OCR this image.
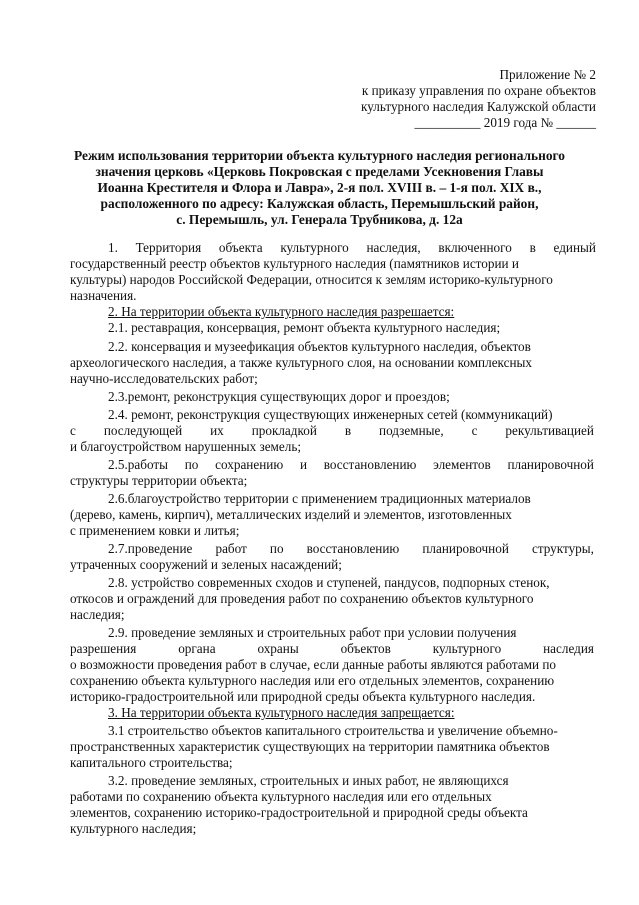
Приложение № 2
к приказу управления по охране объектов
культурного наследия Калужской области
__________ 2019 года № ______
Режим использования территории объекта культурного наследия регионального
значения церковь «Церковь Покровская с пределами Усекновения Главы
Иоанна Крестителя и Флора и Лавра», 2-я пол. XVIII в. – 1-я пол. XIX в.,
расположенного по адресу: Калужская область, Перемышльский район,
с. Перемышль, ул. Генерала Трубникова, д. 12а
1. Территория объекта культурного наследия, включенного в единый
государственный реестр объектов культурного наследия (памятников истории и
культуры) народов Российской Федерации, относится к землям историко-культурного
назначения.
2. На территории объекта культурного наследия разрешается:
2.1. реставрация, консервация, ремонт объекта культурного наследия;
2.2. консервация и музеефикация объектов культурного наследия, объектов
археологического наследия, а также культурного слоя, на основании комплексных
научно-исследовательских работ;
2.3.ремонт, реконструкция существующих дорог и проездов;
2.4. ремонт, реконструкция существующих инженерных сетей (коммуникаций)
с последующей их прокладкой в подземные, с рекультивацией
и благоустройством нарушенных земель;
2.5.работы по сохранению и восстановлению элементов планировочной
структуры территории объекта;
2.6.благоустройство территории с применением традиционных материалов
(дерево, камень, кирпич), металлических изделий и элементов, изготовленных
с применением ковки и литья;
2.7.проведение работ по восстановлению планировочной структуры,
утраченных сооружений и зеленых насаждений;
2.8. устройство современных сходов и ступеней, пандусов, подпорных стенок,
откосов и ограждений для проведения работ по сохранению объектов культурного
наследия;
2.9. проведение земляных и строительных работ при условии получения
разрешения	органа	охраны	объектов	культурного	наследия
о возможности проведения работ в случае, если данные работы являются работами по
сохранению объекта культурного наследия или его отдельных элементов, сохранению
историко-градостроительной или природной среды объекта культурного наследия.
3. На территории объекта культурного наследия запрещается:
3.1 строительство объектов капитального строительства и увеличение объемно-
пространственных характеристик существующих на территории памятника объектов
капитального строительства;
3.2. проведение земляных, строительных и иных работ, не являющихся
работами по сохранению объекта культурного наследия или его отдельных
элементов, сохранению историко-градостроительной и природной среды объекта
культурного наследия;
